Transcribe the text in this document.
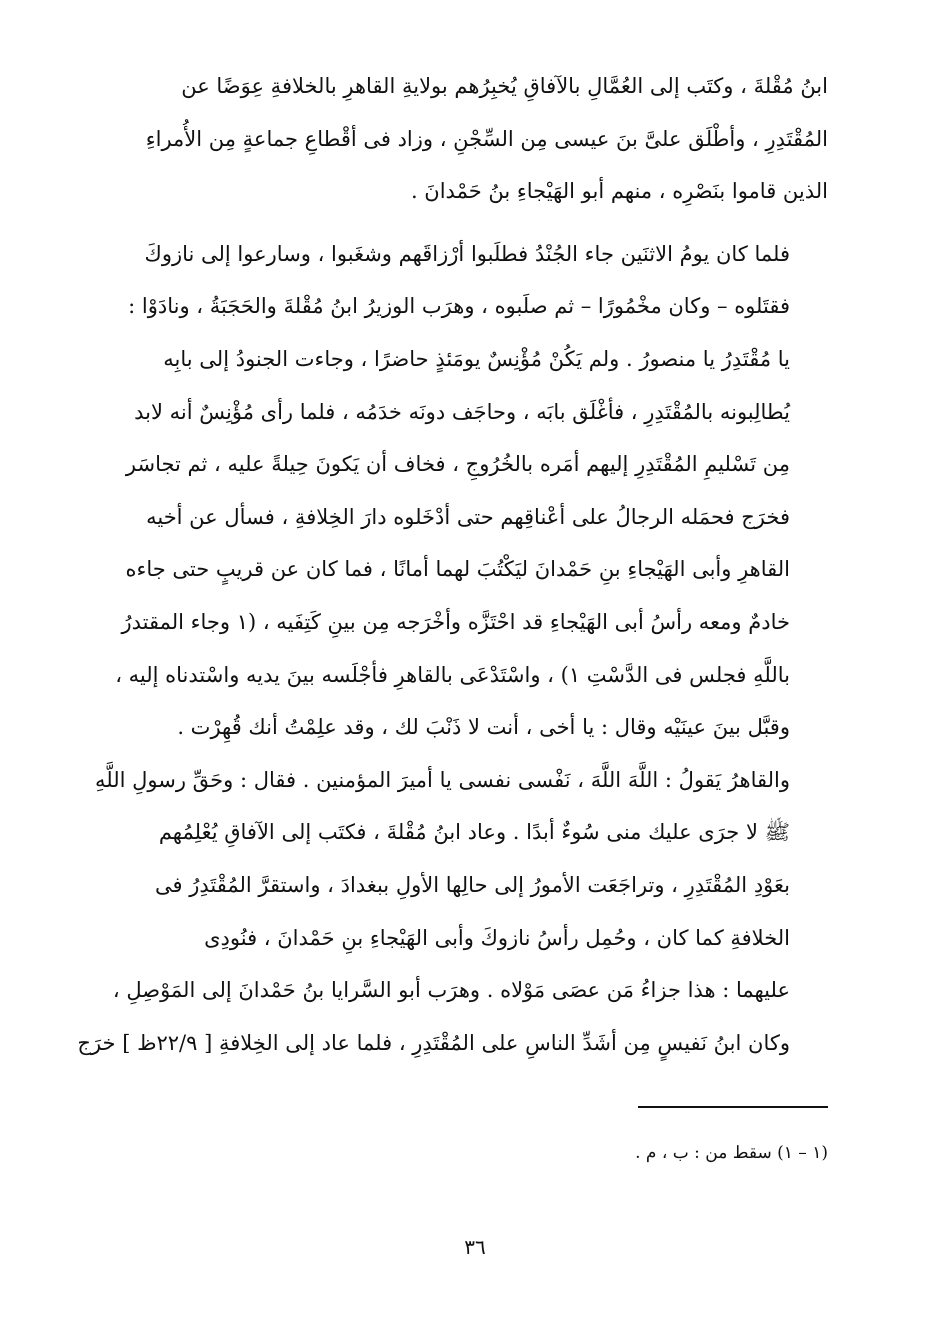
ابنُ مُقْلةَ ، وكتَب إلى العُمَّالِ بالآفاقِ يُخبِرُهم بولايةِ القاهرِ بالخلافةِ عِوَضًا عن
المُقْتَدِرِ ، وأطْلَق علىَّ بنَ عيسى مِن السِّجْنِ ، وزاد فى أقْطاعِ جماعةٍ مِن الأُمراءِ
الذين قاموا بنَصْرِه ، منهم أبو الهَيْجاءِ بنُ حَمْدانَ .

فلما كان يومُ الاثنَين جاء الجُنْدُ فطلَبوا أرْزاقَهم وشغَبوا ، وسارعوا إلى نازوكَ
فقتَلوه – وكان مخْمُورًا – ثم صلَبوه ، وهرَب الوزيرُ ابنُ مُقْلةَ والحَجَبَةُ ، ونادَوْا :
يا مُقْتَدِرُ يا منصورُ . ولم يَكُنْ مُؤْنِسٌ يومَئذٍ حاضرًا ، وجاءت الجنودُ إلى بابِه
يُطالِبونه بالمُقْتَدِرِ ، فأغْلَق بابَه ، وحاجَف دونَه خدَمُه ، فلما رأى مُؤْنِسٌ أنه لابد
مِن تَسْليمِ المُقْتَدِرِ إليهم أمَره بالخُرُوجِ ، فخاف أن يَكونَ حِيلةً عليه ، ثم تجاسَر
فخرَج فحمَله الرجالُ على أعْناقِهم حتى أدْخَلوه دارَ الخِلافةِ ، فسأل عن أخيه
القاهرِ وأبى الهَيْجاءِ بنِ حَمْدانَ ليَكْتُبَ لهما أمانًا ، فما كان عن قريبٍ حتى جاءه
خادمٌ ومعه رأسُ أبى الهَيْجاءِ قد احْتَزَّه وأخْرَجه مِن بينِ كَتِفَيه ، (١ وجاء المقتدرُ
باللَّهِ فجلس فى الدَّسْتِ ١) ، واسْتَدْعَى بالقاهرِ فأجْلَسه بينَ يديه واسْتدناه إليه ،
وقبَّل بينَ عينَيْه وقال : يا أخى ، أنت لا ذَنْبَ لك ، وقد علِمْتُ أنك قُهِرْت .
والقاهرُ يَقولُ : اللَّهَ اللَّهَ ، نَفْسى نفسى يا أميرَ المؤمنين . فقال : وحَقِّ رسولِ اللَّهِ
ﷺ لا جرَى عليك منى سُوءٌ أبدًا . وعاد ابنُ مُقْلةَ ، فكتَب إلى الآفاقِ يُعْلِمُهم
بعَوْدِ المُقْتَدِرِ ، وتراجَعَت الأمورُ إلى حالِها الأولِ ببغدادَ ، واستقرَّ المُقْتَدِرُ فى
الخلافةِ كما كان ، وحُمِل رأسُ نازوكَ وأبى الهَيْجاءِ بنِ حَمْدانَ ، فنُودِى
عليهما : هذا جزاءُ مَن عصَى مَوْلاه . وهرَب أبو السَّرايا بنُ حَمْدانَ إلى المَوْصِلِ ،
وكان ابنُ نَفيسٍ مِن أشَدِّ الناسِ على المُقْتَدِرِ ، فلما عاد إلى الخِلافةِ [ ٢٢/٩ظ ] خرَج

(١ – ١) سقط من : ب ، م .
٣٦
